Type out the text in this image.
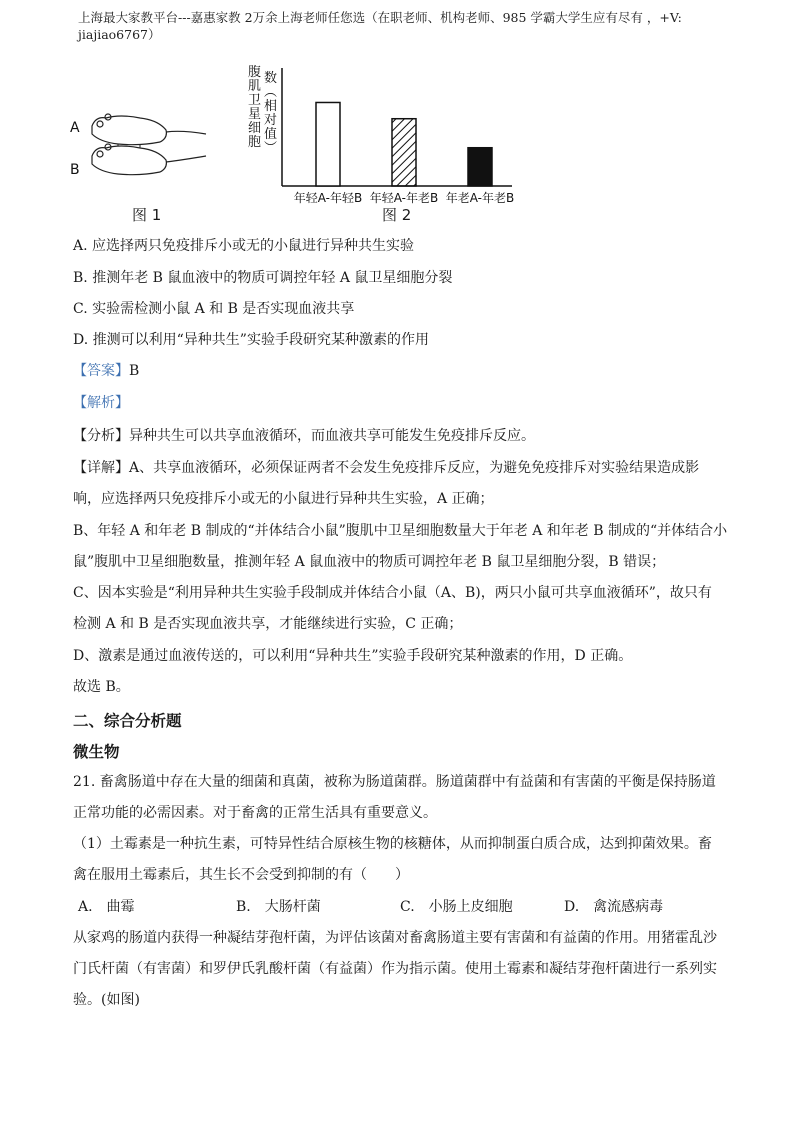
上海最大家教平台---嘉惠家教 2万余上海老师任您选（在职老师、机构老师、985 学霸大学生应有尽有 ，+V:
jiajiao6767）
A
B
图 1
腹肌卫星细胞数︵相对值︶
年轻A-年轻B 年轻A-年老B 年老A-年老B
图 2
A. 应选择两只免疫排斥小或无的小鼠进行异种共生实验
B. 推测年老 B 鼠血液中的物质可调控年轻 A 鼠卫星细胞分裂
C. 实验需检测小鼠 A 和 B 是否实现血液共享
D. 推测可以利用“异种共生”实验手段研究某种激素的作用
【答案】B
【解析】
【分析】异种共生可以共享血液循环，而血液共享可能发生免疫排斥反应。
【详解】A、共享血液循环，必须保证两者不会发生免疫排斥反应，为避免免疫排斥对实验结果造成影
响，应选择两只免疫排斥小或无的小鼠进行异种共生实验，A 正确；
B、年轻 A 和年老 B 制成的“并体结合小鼠”腹肌中卫星细胞数量大于年老 A 和年老 B 制成的“并体结合小
鼠”腹肌中卫星细胞数量，推测年轻 A 鼠血液中的物质可调控年老 B 鼠卫星细胞分裂，B 错误；
C、因本实验是“利用异种共生实验手段制成并体结合小鼠（A、B)，两只小鼠可共享血液循环”，故只有
检测 A 和 B 是否实现血液共享，才能继续进行实验，C 正确；
D、激素是通过血液传送的，可以利用“异种共生”实验手段研究某种激素的作用，D 正确。
故选 B。
二、综合分析题
微生物
21. 畜禽肠道中存在大量的细菌和真菌，被称为肠道菌群。肠道菌群中有益菌和有害菌的平衡是保持肠道
正常功能的必需因素。对于畜禽的正常生活具有重要意义。
（1）土霉素是一种抗生素，可特异性结合原核生物的核糖体，从而抑制蛋白质合成，达到抑菌效果。畜
禽在服用土霉素后，其生长不会受到抑制的有（　　）
A.　曲霉	B.　大肠杆菌	C.　小肠上皮细胞	D.　禽流感病毒
从家鸡的肠道内获得一种凝结芽孢杆菌，为评估该菌对畜禽肠道主要有害菌和有益菌的作用。用猪霍乱沙
门氏杆菌（有害菌）和罗伊氏乳酸杆菌（有益菌）作为指示菌。使用土霉素和凝结芽孢杆菌进行一系列实
验。(如图)
